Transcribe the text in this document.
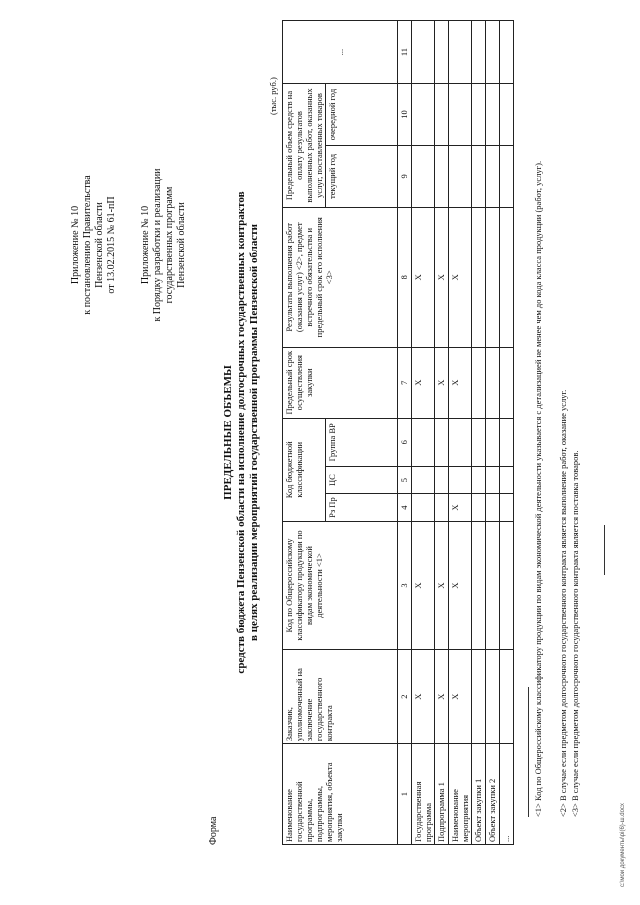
Приложение № 10 к постановлению Правительства Пензенской области от 13.02.2015 № 61-пП Приложение № 10 к Порядку разработки и реализации государственных программ Пензенской области
Форма
ПРЕДЕЛЬНЫЕ ОБЪЕМЫ средств бюджета Пензенской области на исполнение долгосрочных государственных контрактов в целях реализации мероприятий государственной программы Пензенской области
(тыс. руб.)
Наименование государственной программы, подпрограммы, мероприятия, объекта закупки	Заказчик, уполномоченный на заключение государственного контракта	Код по Общероссийскому классификатору продукции по видам экономической деятельности <1>	Код бюджетной классификации			Предельный срок осуществления закупки	Результаты выполнения работ (оказания услуг) <2>, предмет встречного обязательства и предельный срок его исполнения <3>	Предельный объем средств на оплату результатов выполненных работ, оказанных услуг, поставленных товаров		...
			Рз Пр	ЦС	Группа ВР			текущий год	очередной год	
1	2	3	4	5	6	7	8	9	10	11
Государственная программа	X	X				X	X			
Подпрограмма 1	X	X				X	X			
Наименование мероприятия	X	X	X			X	X			
Объект закупки 1										
Объект закупки 2										
...										
<1> Код по Общероссийскому классификатору продукции по видам экономической деятельности указывается с детализацией не менее чем до кода класса продукции (работ, услуг). <2> В случае если предметом долгосрочного государственного контракта является выполнение работ, оказание услуг. <3> В случае если предметом долгосрочного государственного контракта является поставка товаров.
c:\мои документы\pi(6)-ш.docx
